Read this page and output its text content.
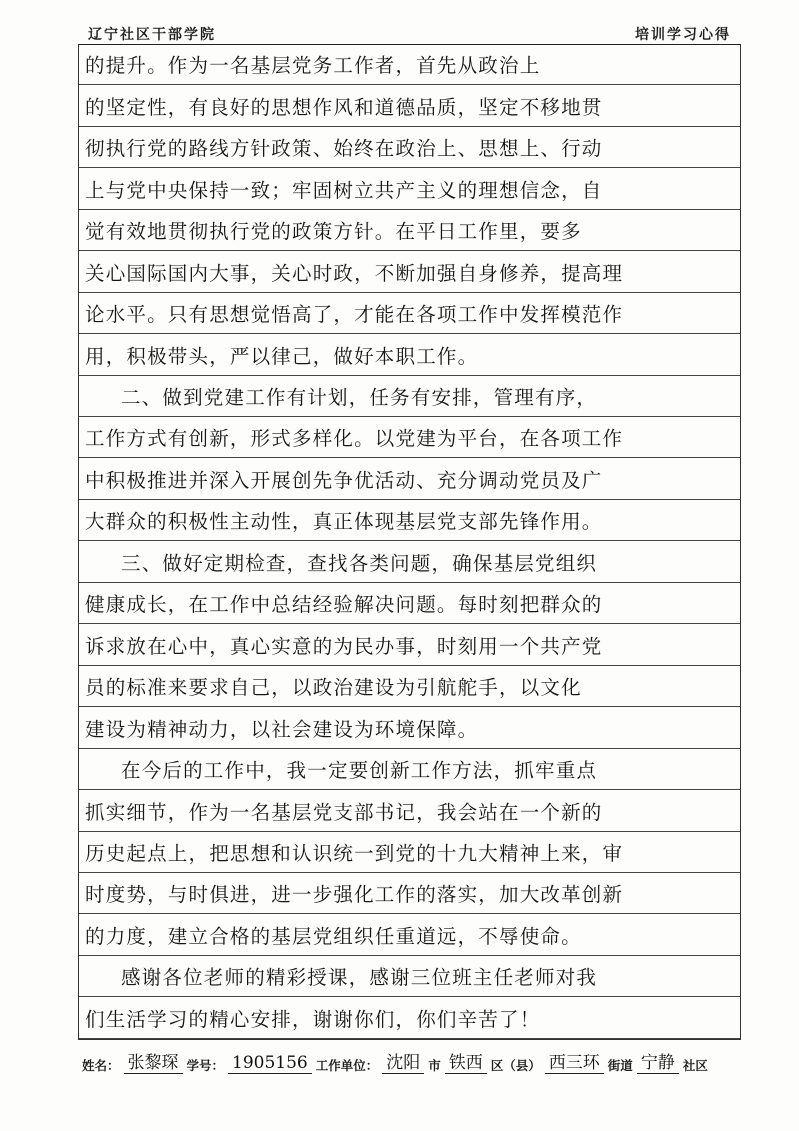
辽宁社区干部学院	培训学习心得
的提升。作为一名基层党务工作者，首先从政治上
的坚定性，有良好的思想作风和道德品质，坚定不移地贯
彻执行党的路线方针政策、始终在政治上、思想上、行动
上与党中央保持一致；牢固树立共产主义的理想信念，自
觉有效地贯彻执行党的政策方针。在平日工作里，要多
关心国际国内大事，关心时政，不断加强自身修养，提高理
论水平。只有思想觉悟高了，才能在各项工作中发挥模范作
用，积极带头，严以律己，做好本职工作。
二、做到党建工作有计划，任务有安排，管理有序，
工作方式有创新，形式多样化。以党建为平台，在各项工作
中积极推进并深入开展创先争优活动、充分调动党员及广
大群众的积极性主动性，真正体现基层党支部先锋作用。
三、做好定期检查，查找各类问题，确保基层党组织
健康成长，在工作中总结经验解决问题。每时刻把群众的
诉求放在心中，真心实意的为民办事，时刻用一个共产党
员的标准来要求自己，以政治建设为引航舵手，以文化
建设为精神动力，以社会建设为环境保障。
在今后的工作中，我一定要创新工作方法，抓牢重点
抓实细节，作为一名基层党支部书记，我会站在一个新的
历史起点上，把思想和认识统一到党的十九大精神上来，审
时度势，与时俱进，进一步强化工作的落实，加大改革创新
的力度，建立合格的基层党组织任重道远，不辱使命。
感谢各位老师的精彩授课，感谢三位班主任老师对我
们生活学习的精心安排，谢谢你们，你们辛苦了！
姓名： 张黎琛 学号： 1905156 工作单位： 沈阳 市 铁西 区（县） 西三环 街道 宁静 社区
